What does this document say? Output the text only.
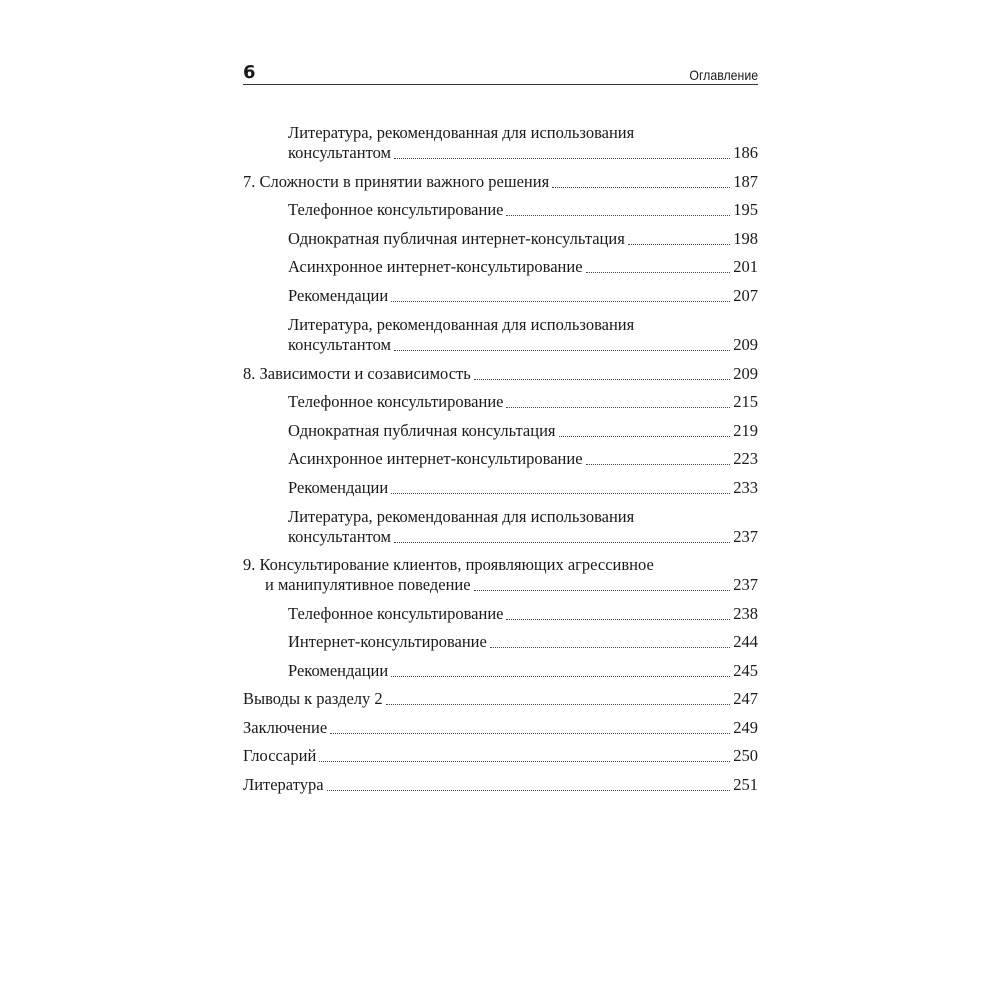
6	Оглавление
Литература, рекомендованная для использования
консультантом	186
7. Сложности в принятии важного решения	187
Телефонное консультирование	195
Однократная публичная интернет-консультация	198
Асинхронное интернет-консультирование	201
Рекомендации	207
Литература, рекомендованная для использования
консультантом	209
8. Зависимости и созависимость	209
Телефонное консультирование	215
Однократная публичная консультация	219
Асинхронное интернет-консультирование	223
Рекомендации	233
Литература, рекомендованная для использования
консультантом	237
9. Консультирование клиентов, проявляющих агрессивное
и манипулятивное поведение	237
Телефонное консультирование	238
Интернет-консультирование	244
Рекомендации	245
Выводы к разделу 2	247
Заключение	249
Глоссарий	250
Литература	251
